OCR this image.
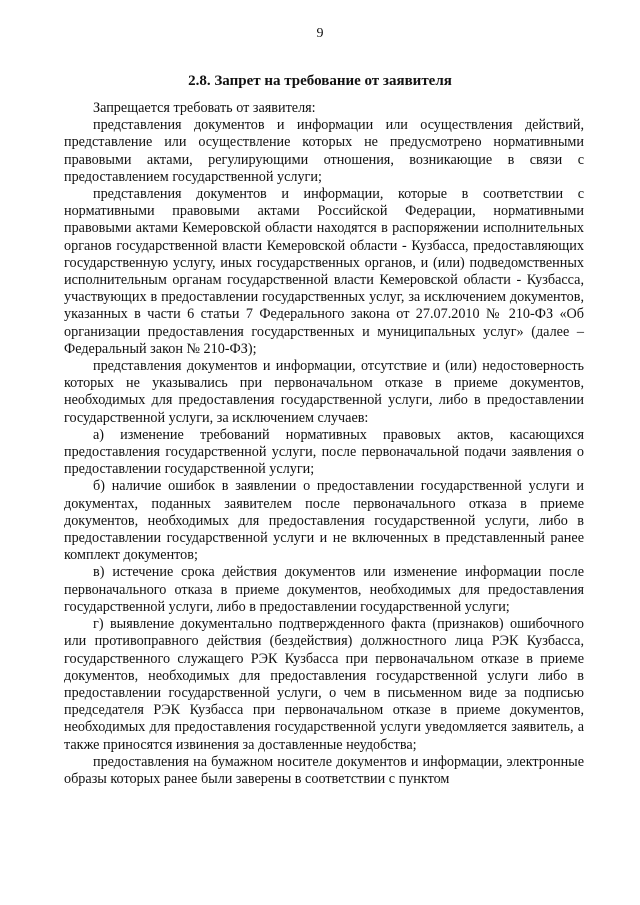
9
2.8. Запрет на требование от заявителя

Запрещается требовать от заявителя:

представления документов и информации или осуществления действий, представление или осуществление которых не предусмотрено нормативными правовыми актами, регулирующими отношения, возникающие в связи с предоставлением государственной услуги;

представления документов и информации, которые в соответствии с нормативными правовыми актами Российской Федерации, нормативными правовыми актами Кемеровской области находятся в распоряжении исполнительных органов государственной власти Кемеровской области - Кузбасса, предоставляющих государственную услугу, иных государственных органов, и (или) подведомственных исполнительным органам государственной власти Кемеровской области - Кузбасса, участвующих в предоставлении государственных услуг, за исключением документов, указанных в части 6 статьи 7 Федерального закона от 27.07.2010 № 210-ФЗ «Об организации предоставления государственных и муниципальных услуг» (далее – Федеральный закон № 210-ФЗ);

представления документов и информации, отсутствие и (или) недостоверность которых не указывались при первоначальном отказе в приеме документов, необходимых для предоставления государственной услуги, либо в предоставлении государственной услуги, за исключением случаев:

а) изменение требований нормативных правовых актов, касающихся предоставления государственной услуги, после первоначальной подачи заявления о предоставлении государственной услуги;

б) наличие ошибок в заявлении о предоставлении государственной услуги и документах, поданных заявителем после первоначального отказа в приеме документов, необходимых для предоставления государственной услуги, либо в предоставлении государственной услуги и не включенных в представленный ранее комплект документов;

в) истечение срока действия документов или изменение информации после первоначального отказа в приеме документов, необходимых для предоставления государственной услуги, либо в предоставлении государственной услуги;

г) выявление документально подтвержденного факта (признаков) ошибочного или противоправного действия (бездействия) должностного лица РЭК Кузбасса, государственного служащего РЭК Кузбасса при первоначальном отказе в приеме документов, необходимых для предоставления государственной услуги либо в предоставлении государственной услуги, о чем в письменном виде за подписью председателя РЭК Кузбасса при первоначальном отказе в приеме документов, необходимых для предоставления государственной услуги уведомляется заявитель, а также приносятся извинения за доставленные неудобства;

предоставления на бумажном носителе документов и информации, электронные образы которых ранее были заверены в соответствии с пунктом
